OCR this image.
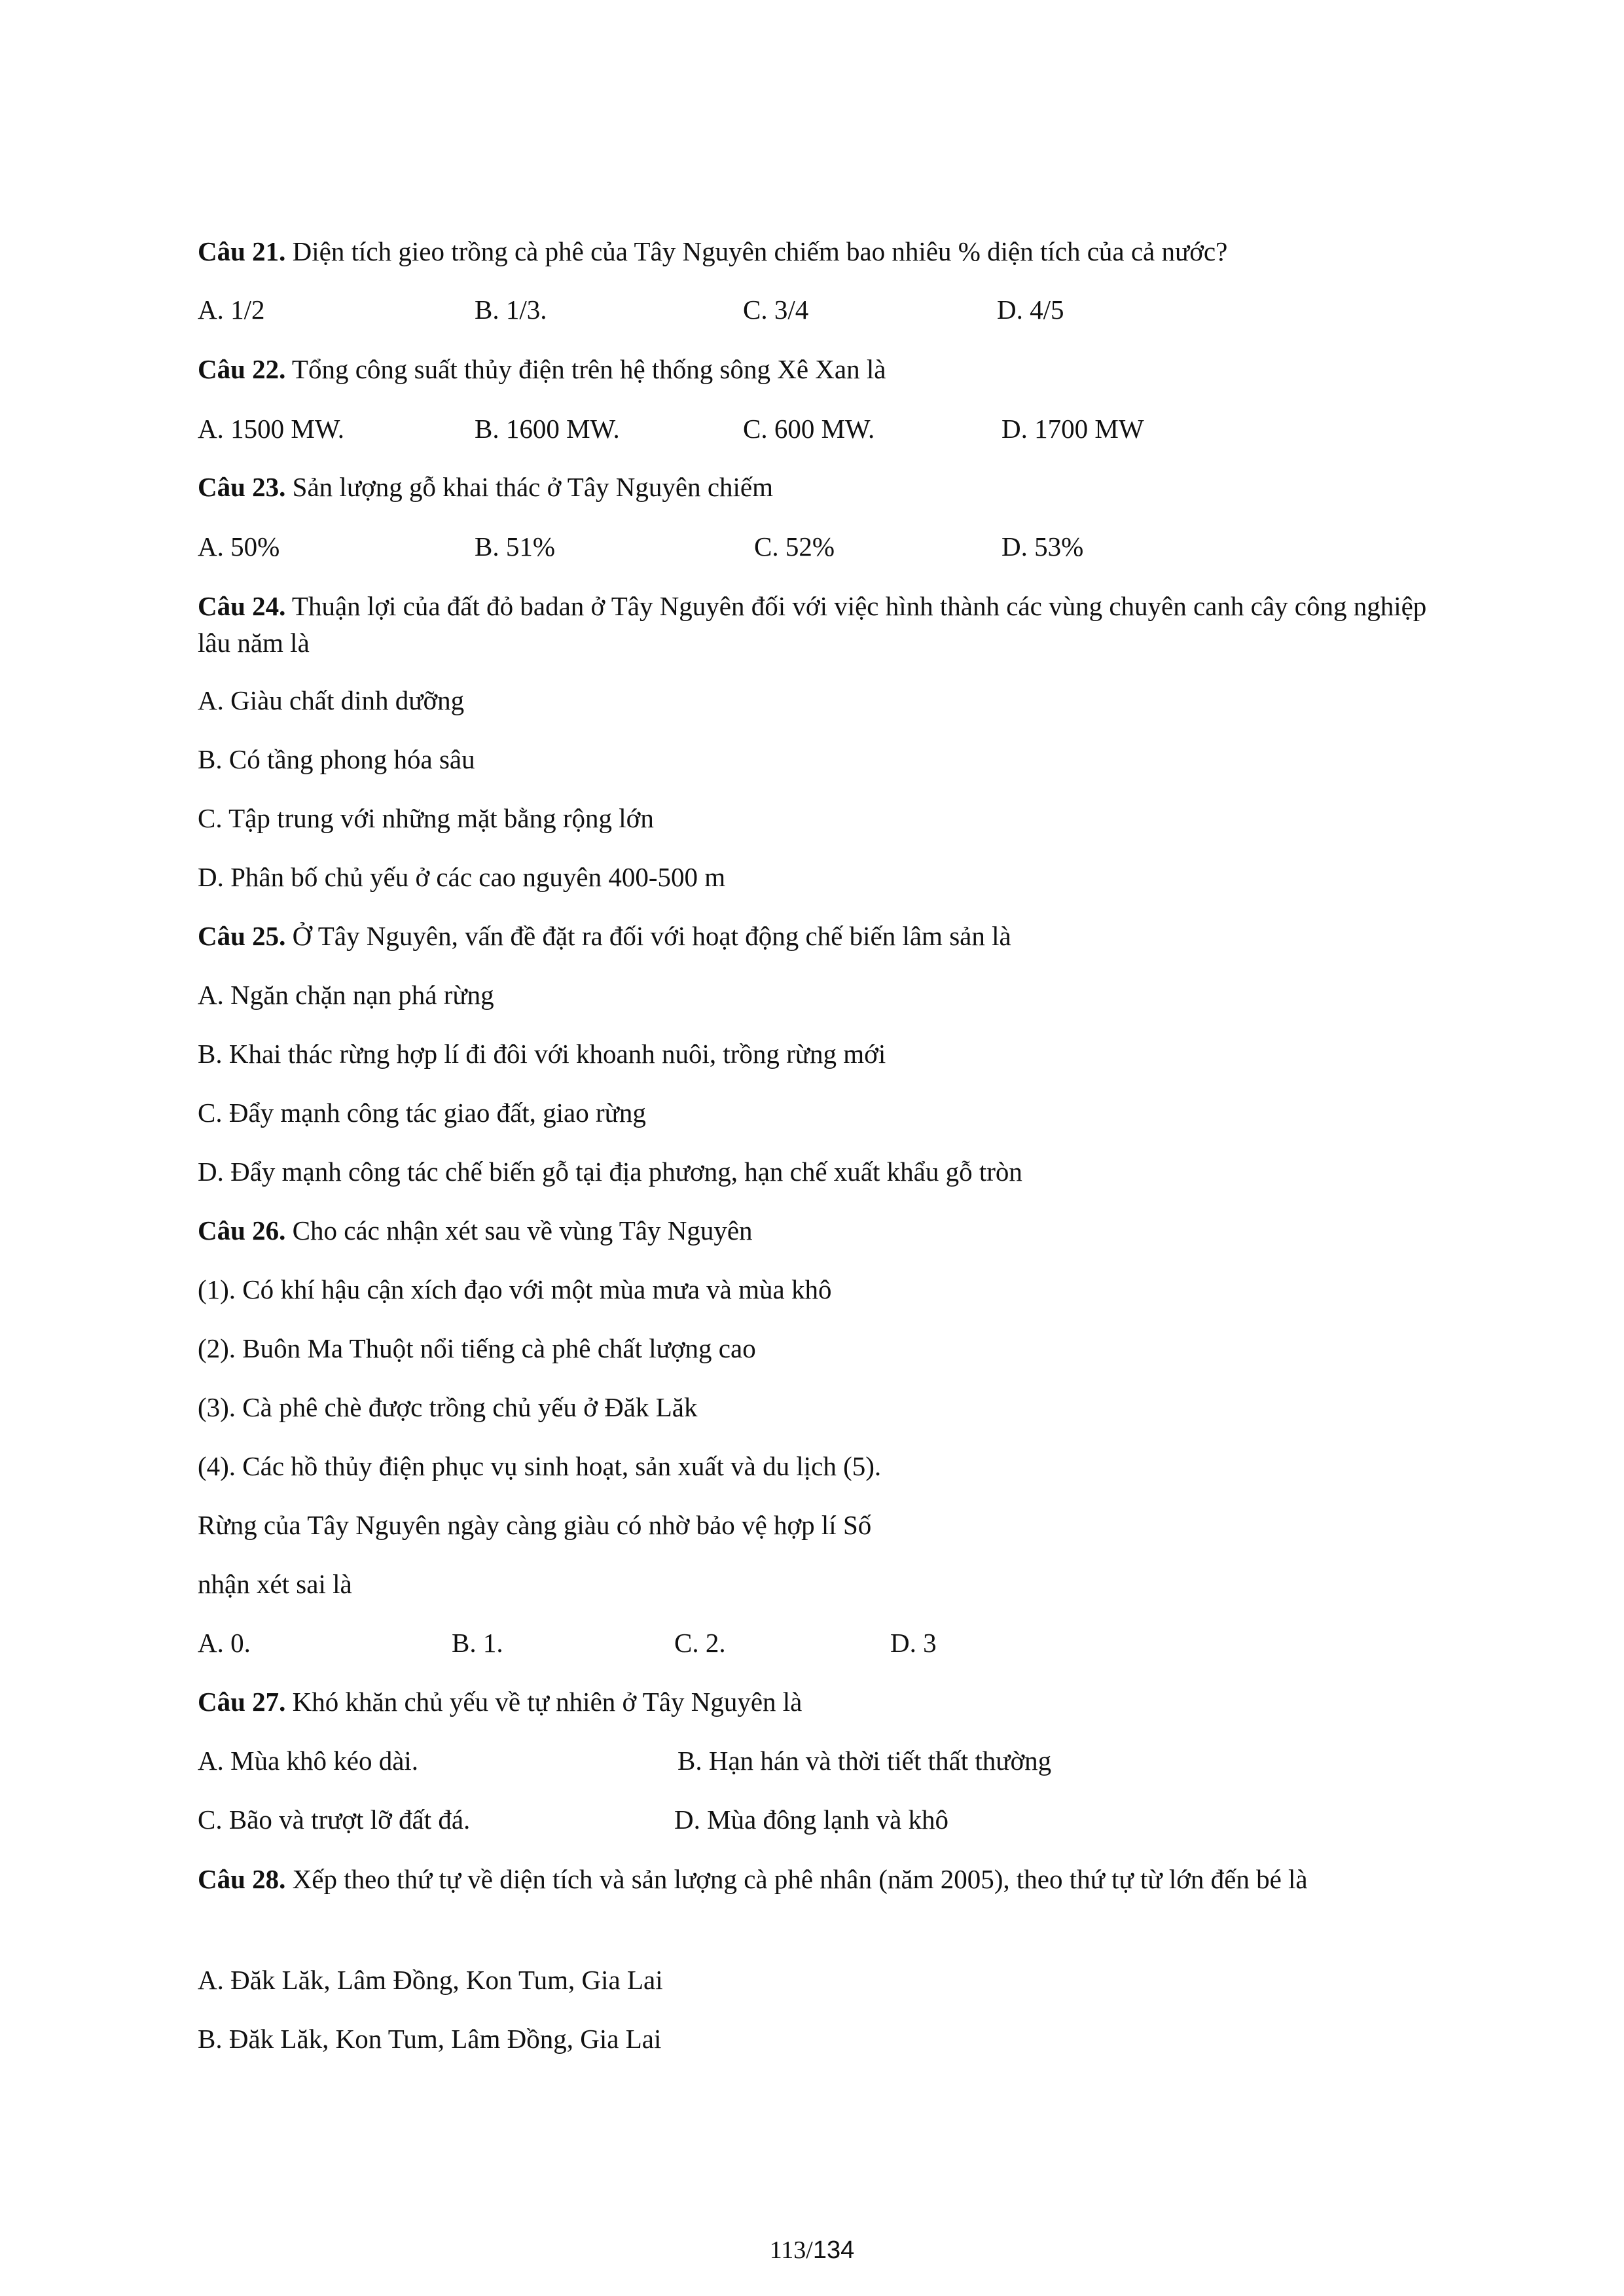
Câu 21. Diện tích gieo trồng cà phê của Tây Nguyên chiếm bao nhiêu % diện tích của cả nước?
A. 1/2	B. 1/3.	C. 3/4	D. 4/5
Câu 22. Tổng công suất thủy điện trên hệ thống sông Xê Xan là
A. 1500 MW.	B. 1600 MW.	C. 600 MW.	D. 1700 MW
Câu 23. Sản lượng gỗ khai thác ở Tây Nguyên chiếm
A. 50%	B. 51%	C. 52%	D. 53%
Câu 24. Thuận lợi của đất đỏ badan ở Tây Nguyên đối với việc hình thành các vùng chuyên canh cây công nghiệp lâu năm là
A. Giàu chất dinh dưỡng
B. Có tầng phong hóa sâu
C. Tập trung với những mặt bằng rộng lớn
D. Phân bố chủ yếu ở các cao nguyên 400-500 m
Câu 25. Ở Tây Nguyên, vấn đề đặt ra đối với hoạt động chế biến lâm sản là
A. Ngăn chặn nạn phá rừng
B. Khai thác rừng hợp lí đi đôi với khoanh nuôi, trồng rừng mới
C. Đẩy mạnh công tác giao đất, giao rừng
D. Đẩy mạnh công tác chế biến gỗ tại địa phương, hạn chế xuất khẩu gỗ tròn
Câu 26. Cho các nhận xét sau về vùng Tây Nguyên
(1). Có khí hậu cận xích đạo với một mùa mưa và mùa khô
(2). Buôn Ma Thuột nổi tiếng cà phê chất lượng cao
(3). Cà phê chè được trồng chủ yếu ở Đăk Lăk
(4). Các hồ thủy điện phục vụ sinh hoạt, sản xuất và du lịch (5).
Rừng của Tây Nguyên ngày càng giàu có nhờ bảo vệ hợp lí Số
nhận xét sai là
A. 0.	B. 1.	C. 2.	D. 3
Câu 27. Khó khăn chủ yếu về tự nhiên ở Tây Nguyên là
A. Mùa khô kéo dài.	B. Hạn hán và thời tiết thất thường
C. Bão và trượt lỡ đất đá.	D. Mùa đông lạnh và khô
Câu 28. Xếp theo thứ tự về diện tích và sản lượng cà phê nhân (năm 2005), theo thứ tự từ lớn đến bé là
A. Đăk Lăk, Lâm Đồng, Kon Tum, Gia Lai
B. Đăk Lăk, Kon Tum, Lâm Đồng, Gia Lai
113/134
